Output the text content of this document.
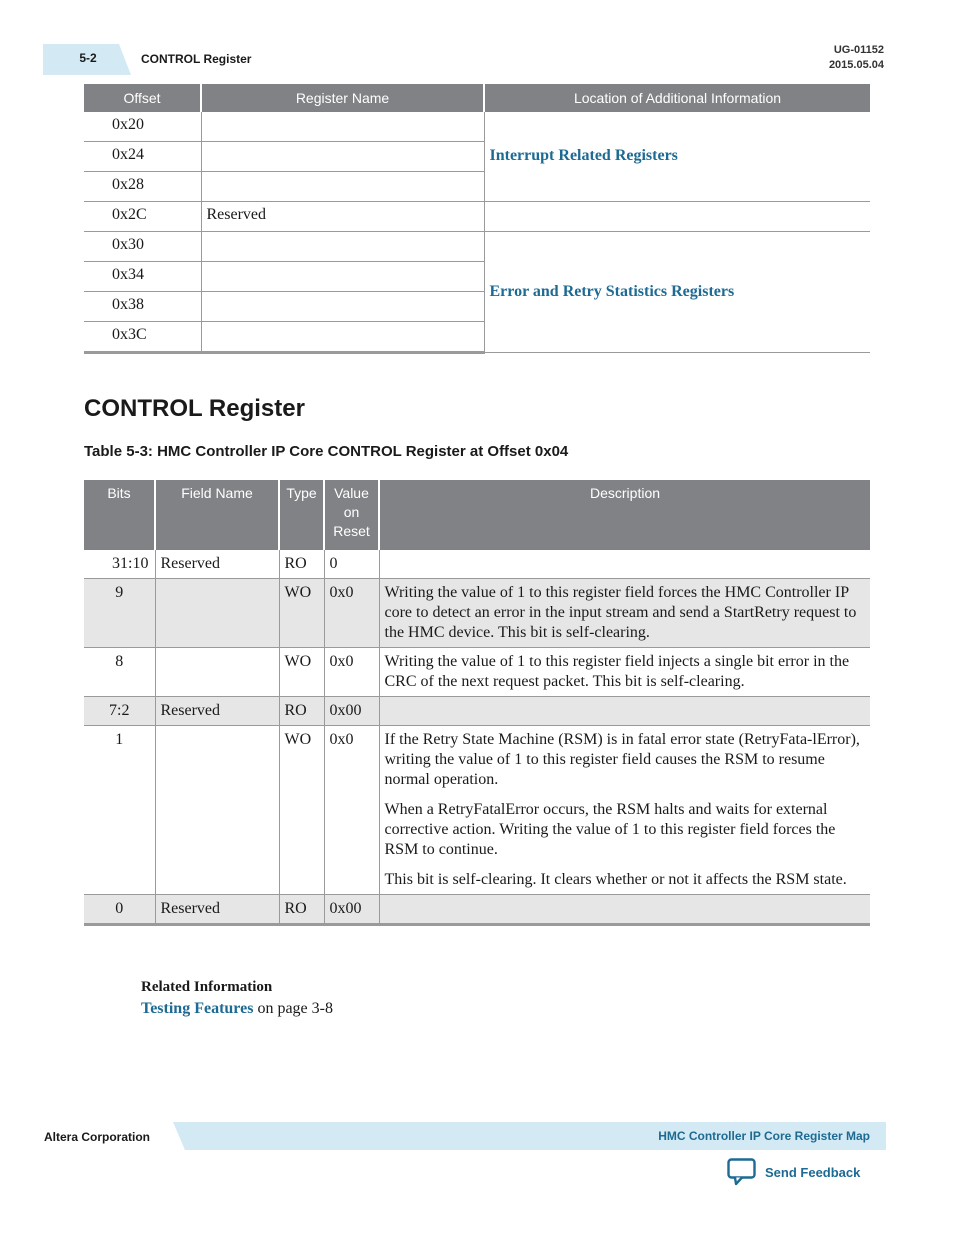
5-2	CONTROL Register
UG-01152
2015.05.04
Offset	Register Name	Location of Additional Information
0x20		Interrupt Related Registers
0x24		
0x28		
0x2C	Reserved	
0x30		Error and Retry Statistics Registers
0x34		
0x38		
0x3C		
CONTROL Register
Table 5-3: HMC Controller IP Core CONTROL Register at Offset 0x04
Bits	Field Name	Type	Value on Reset	Description
31:10	Reserved	RO	0	
9		WO	0x0	Writing the value of 1 to this register field forces the HMC Controller IP core to detect an error in the input stream and send a StartRetry request to the HMC device. This bit is self-clearing.
8		WO	0x0	Writing the value of 1 to this register field injects a single bit error in the CRC of the next request packet. This bit is self-clearing.
7:2	Reserved	RO	0x00	
1		WO	0x0	If the Retry State Machine (RSM) is in fatal error state (RetryFata-lError), writing the value of 1 to this register field causes the RSM to resume normal operation.

When a RetryFatalError occurs, the RSM halts and waits for external corrective action. Writing the value of 1 to this register field forces the RSM to continue.

This bit is self-clearing. It clears whether or not it affects the RSM state.

0	Reserved	RO	0x00	
Related Information
Testing Features on page 3-8
Altera Corporation	HMC Controller IP Core Register Map
Send Feedback
